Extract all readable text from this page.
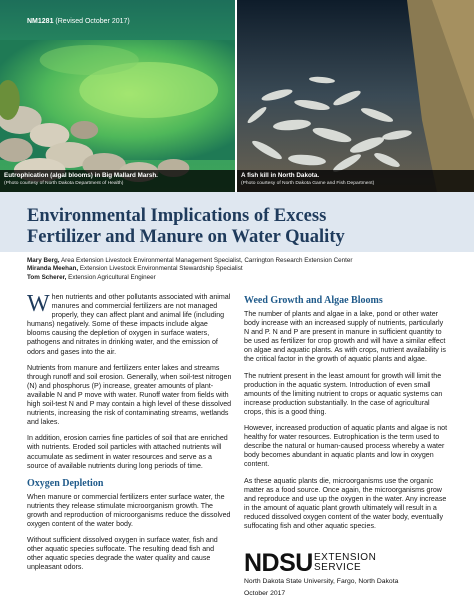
NM1281 (Revised October 2017)
Eutrophication (algal blooms) in Big Mallard Marsh.
(Photo courtesy of North Dakota Department of Health)
A fish kill in North Dakota.
(Photo courtesy of North Dakota Game and Fish Department)
Environmental Implications of Excess
Fertilizer and Manure on Water Quality
Mary Berg, Area Extension Livestock Environmental Management Specialist, Carrington Research Extension Center
Miranda Meehan, Extension Livestock Environmental Stewardship Specialist
Tom Scherer, Extension Agricultural Engineer

When nutrients and other pollutants associated with animal manures and commercial fertilizers are not managed properly, they can affect plant and animal life (including humans) negatively. Some of these impacts include algae blooms causing the depletion of oxygen in surface waters, pathogens and nitrates in drinking water, and the emission of odors and gases into the air.

Nutrients from manure and fertilizers enter lakes and streams through runoff and soil erosion. Generally, when soil-test nitrogen (N) and phosphorus (P) increase, greater amounts of plant-available N and P move with water. Runoff water from fields with high soil-test N and P may contain a high level of these dissolved nutrients, increasing the risk of contaminating streams, wetlands and lakes.

In addition, erosion carries fine particles of soil that are enriched with nutrients. Eroded soil particles with attached nutrients will accumulate as sediment in water resources and serve as a source of available nutrients during long periods of time.

Oxygen Depletion

When manure or commercial fertilizers enter surface water, the nutrients they release stimulate microorganism growth. The growth and reproduction of microorganisms reduce the dissolved oxygen content of the water body.

Without sufficient dissolved oxygen in surface water, fish and other aquatic species suffocate. The resulting dead fish and other aquatic species degrade the water quality and cause unpleasant odors.

Weed Growth and Algae Blooms

The number of plants and algae in a lake, pond or other water body increase with an increased supply of nutrients, particularly N and P. N and P are present in manure in sufficient quantity to be used as fertilizer for crop growth and will have a similar effect on algae and aquatic plants. As with crops, nutrient availability is the critical factor in the growth of aquatic plants and algae.

The nutrient present in the least amount for growth will limit the production in the aquatic system. Introduction of even small amounts of the limiting nutrient to crops or aquatic systems can increase production substantially. In the case of agricultural crops, this is a good thing.

However, increased production of aquatic plants and algae is not healthy for water resources. Eutrophication is the term used to describe the natural or human-caused process whereby a water body becomes abundant in aquatic plants and low in oxygen content.

As these aquatic plants die, microorganisms use the organic matter as a food source. Once again, the microorganisms grow and reproduce and use up the oxygen in the water. Any increase in the amount of aquatic plant growth ultimately will result in a reduced dissolved oxygen content of the water body, eventually suffocating fish and other aquatic species.

NDSU EXTENSION
SERVICE
North Dakota State University, Fargo, North Dakota
October 2017
